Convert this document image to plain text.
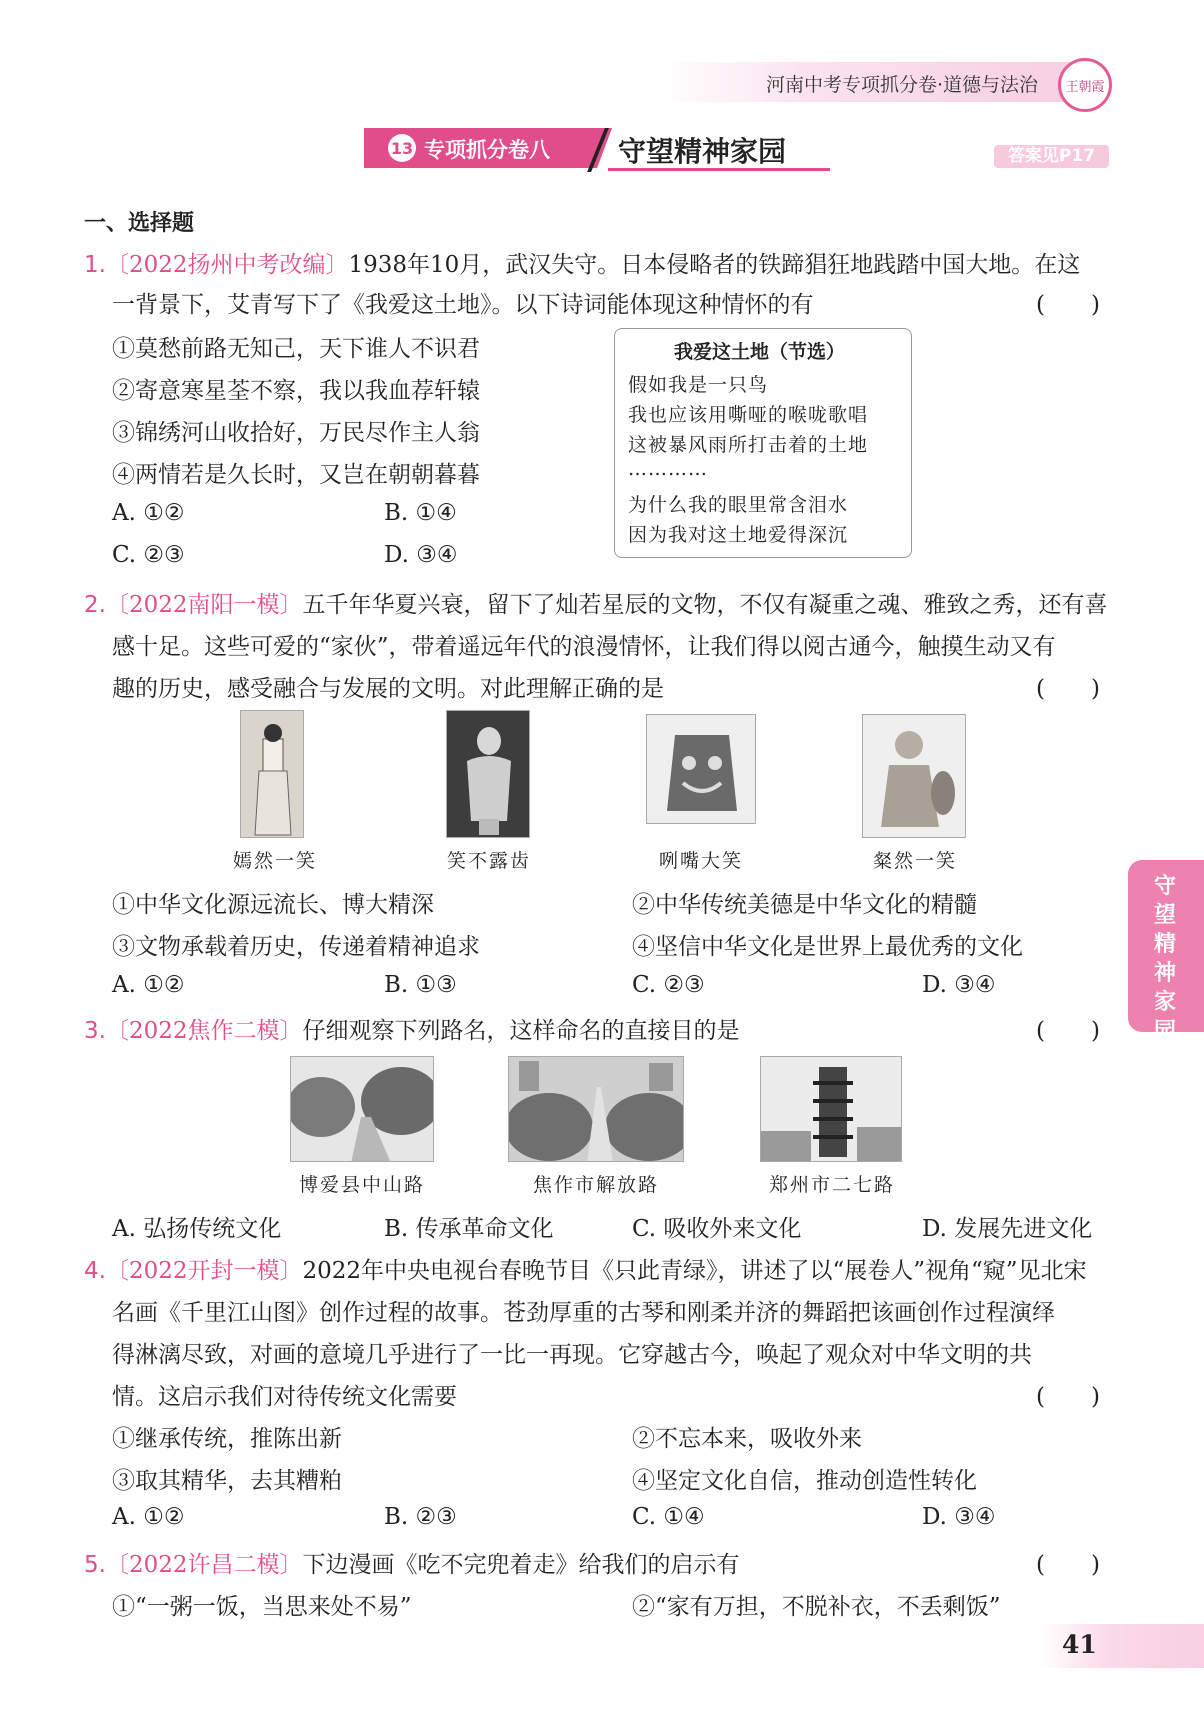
河南中考专项抓分卷·道德与法治 王朝霞
13 专项抓分卷八 守望精神家园	答案见P17
守望精神家园
一、选择题
1.〔2022扬州中考改编〕1938年10月，武汉失守。日本侵略者的铁蹄猖狂地践踏中国大地。在这
一背景下，艾青写下了《我爱这土地》。以下诗词能体现这种情怀的有	(　　)
①莫愁前路无知己，天下谁人不识君
②寄意寒星荃不察，我以我血荐轩辕
③锦绣河山收拾好，万民尽作主人翁
④两情若是久长时，又岂在朝朝暮暮
A. ①②	B. ①④
C. ②③	D. ③④
我爱这土地（节选）
假如我是一只鸟
我也应该用嘶哑的喉咙歌唱
这被暴风雨所打击着的土地
…………
为什么我的眼里常含泪水
因为我对这土地爱得深沉
2.〔2022南阳一模〕五千年华夏兴衰，留下了灿若星辰的文物，不仅有凝重之魂、雅致之秀，还有喜
感十足。这些可爱的“家伙”，带着遥远年代的浪漫情怀，让我们得以阅古通今，触摸生动又有
趣的历史，感受融合与发展的文明。对此理解正确的是	(　　)
嫣然一笑	笑不露齿	咧嘴大笑	粲然一笑
①中华文化源远流长、博大精深	②中华传统美德是中华文化的精髓
③文物承载着历史，传递着精神追求	④坚信中华文化是世界上最优秀的文化
A. ①②	B. ①③	C. ②③	D. ③④
3.〔2022焦作二模〕仔细观察下列路名，这样命名的直接目的是	(　　)
博爱县中山路	焦作市解放路	郑州市二七路
A. 弘扬传统文化	B. 传承革命文化	C. 吸收外来文化	D. 发展先进文化
4.〔2022开封一模〕2022年中央电视台春晚节目《只此青绿》，讲述了以“展卷人”视角“窥”见北宋
名画《千里江山图》创作过程的故事。苍劲厚重的古琴和刚柔并济的舞蹈把该画创作过程演绎
得淋漓尽致，对画的意境几乎进行了一比一再现。它穿越古今，唤起了观众对中华文明的共
情。这启示我们对待传统文化需要	(　　)
①继承传统，推陈出新	②不忘本来，吸收外来
③取其精华，去其糟粕	④坚定文化自信，推动创造性转化
A. ①②	B. ②③	C. ①④	D. ③④
5.〔2022许昌二模〕下边漫画《吃不完兜着走》给我们的启示有	(　　)
①“一粥一饭，当思来处不易”	②“家有万担，不脱补衣，不丢剩饭”
41
